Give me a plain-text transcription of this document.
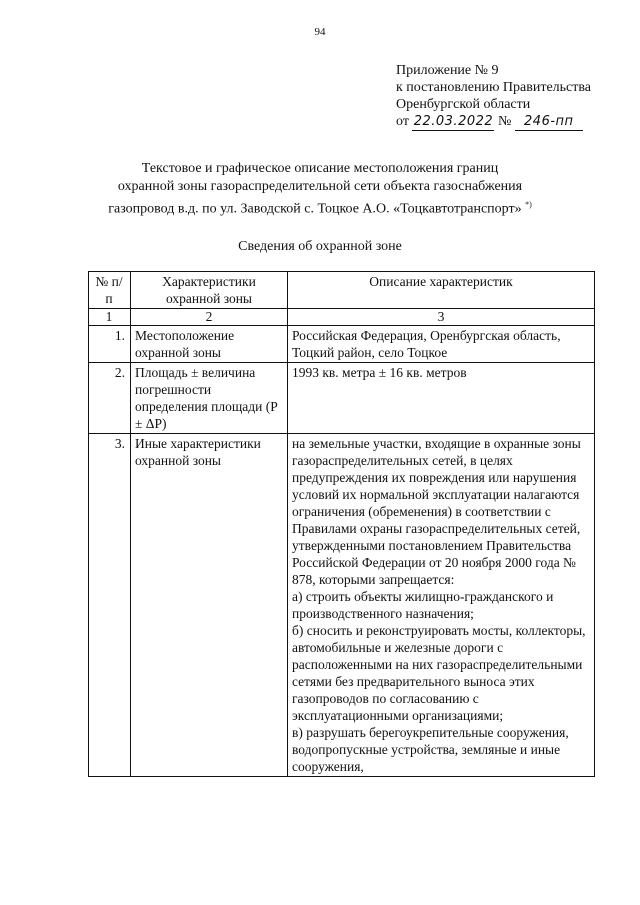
94
Приложение № 9
к постановлению Правительства
Оренбургской области
от 22.03.2022 № 246-пп
Текстовое и графическое описание местоположения границ
охранной зоны газораспределительной сети объекта газоснабжения
газопровод в.д. по ул. Заводской с. Тоцкое А.О. «Тоцкавтотранспорт» *)
Сведения об охранной зоне
№ п/п	Характеристики охранной зоны	Описание характеристик
1	2	3
1.	Местоположение охранной зоны	Российская Федерация, Оренбургская область, Тоцкий район, село Тоцкое
2.	Площадь ± величина погрешности определения площади (Р ± ΔР)	1993 кв. метра ± 16 кв. метров
3.	Иные характеристики охранной зоны	на земельные участки, входящие в охранные зоны газораспределительных сетей, в целях предупреждения их повреждения или нарушения условий их нормальной эксплуатации налагаются ограничения (обременения) в соответствии с Правилами охраны газораспределительных сетей, утвержденными постановлением Правительства Российской Федерации от 20 ноября 2000 года № 878, которыми запрещается:
а) строить объекты жилищно-гражданского и производственного назначения;
б) сносить и реконструировать мосты, коллекторы, автомобильные и железные дороги с расположенными на них газораспределительными сетями без предварительного выноса этих газопроводов по согласованию с эксплуатационными организациями;
в) разрушать берегоукрепительные сооружения, водопропускные устройства, земляные и иные сооружения,
